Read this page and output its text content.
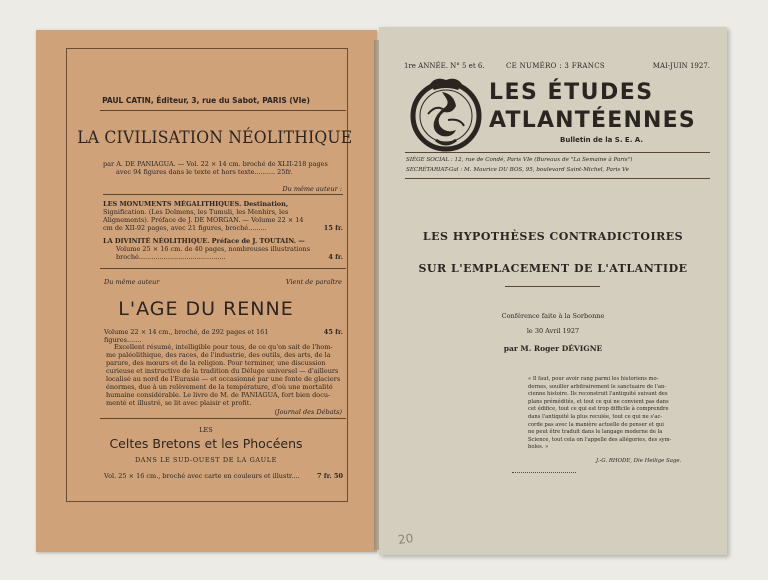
PAUL CATIN, Éditeur, 3, rue du Sabot, PARIS (VIe)
LA CIVILISATION NÉOLITHIQUE
par A. DE PANIAGUA. — Vol. 22 × 14 cm. broché de XLII-218 pages
avec 94 figures dans le texte et hors texte.......... 25fr.
Du même auteur :
LES MONUMENTS MÉGALITHIQUES. Destination,
Signification. (Les Dolmens, les Tumuli, les Menhirs, les
Alignements). Préface de J. DE MORGAN. — Volume 22 × 14
cm de XII-92 pages, avec 21 figures, broché.........	15 fr.
LA DIVINITÉ NÉOLITHIQUE. Préface de J. TOUTAIN. —
Volume 25 × 16 cm. de 40 pages, nombreuses illustrations
broché..........................................	4 fr.
Du même auteur	Vient de paraître
L'AGE DU RENNE
Volume 22 × 14 cm., broché, de 292 pages et 161 figures.......
45 fr.
Excellent résumé, intelligible pour tous, de ce qu'on sait de l'hom-
me paléolithique, des races, de l'industrie, des outils, des arts, de la
parure, des mœurs et de la religion. Pour terminer, une discussion
curieuse et instructive de la tradition du Déluge universel — d'ailleurs
localisé au nord de l'Eurasie — et occasionné par une fonte de glaciers
énormes, due à un relèvement de la température, d'où une mortalité
humaine considérable. Le livre de M. de PANIAGUA, fort bien docu-
menté et illustré, se lit avec plaisir et profit.
(Journal des Débats)
LES
Celtes Bretons et les Phocéens
DANS LE SUD-OUEST DE LA GAULE
Vol. 25 × 16 cm., broché avec carte en couleurs et illustr....	7 fr. 50
1re ANNÉE. N° 5 et 6.	CE NUMÉRO : 3 FRANCS	MAI-JUIN 1927.
LES ÉTUDES
ATLANTÉENNES
Bulletin de la S. E. A.
SIÈGE SOCIAL : 12, rue de Condé, Paris VIe (Bureaux de "La Semaine à Paris")
SECRÉTARIAT-Gal : M. Maurice DU BOS, 95, boulevard Saint-Michel, Paris Ve
LES HYPOTHÈSES CONTRADICTOIRES
SUR L'EMPLACEMENT DE L'ATLANTIDE
Conférence faite à la Sorbonne
le 30 Avril 1927
par M. Roger DÉVIGNE
« Il faut, pour avoir rang parmi les historiens mo-
dernes, souiller arbitrairement le sanctuaire de l'an-
cienne histoire. Ils reconstruit l'antiquité suivant des
plans prémédités, et tout ce qui ne convient pas dans
cet édifice, tout ce qui est trop difficile à comprendre
dans l'antiquité la plus reculée, tout ce qui ne s'ac-
corde pas avec la manière actuelle de penser et qui
ne peut être traduit dans le langage moderne de la
Science, tout cela on l'appelle des allégories, des sym-
boles. »
J.-G. RHODE, Die Heilige Sage.
20
